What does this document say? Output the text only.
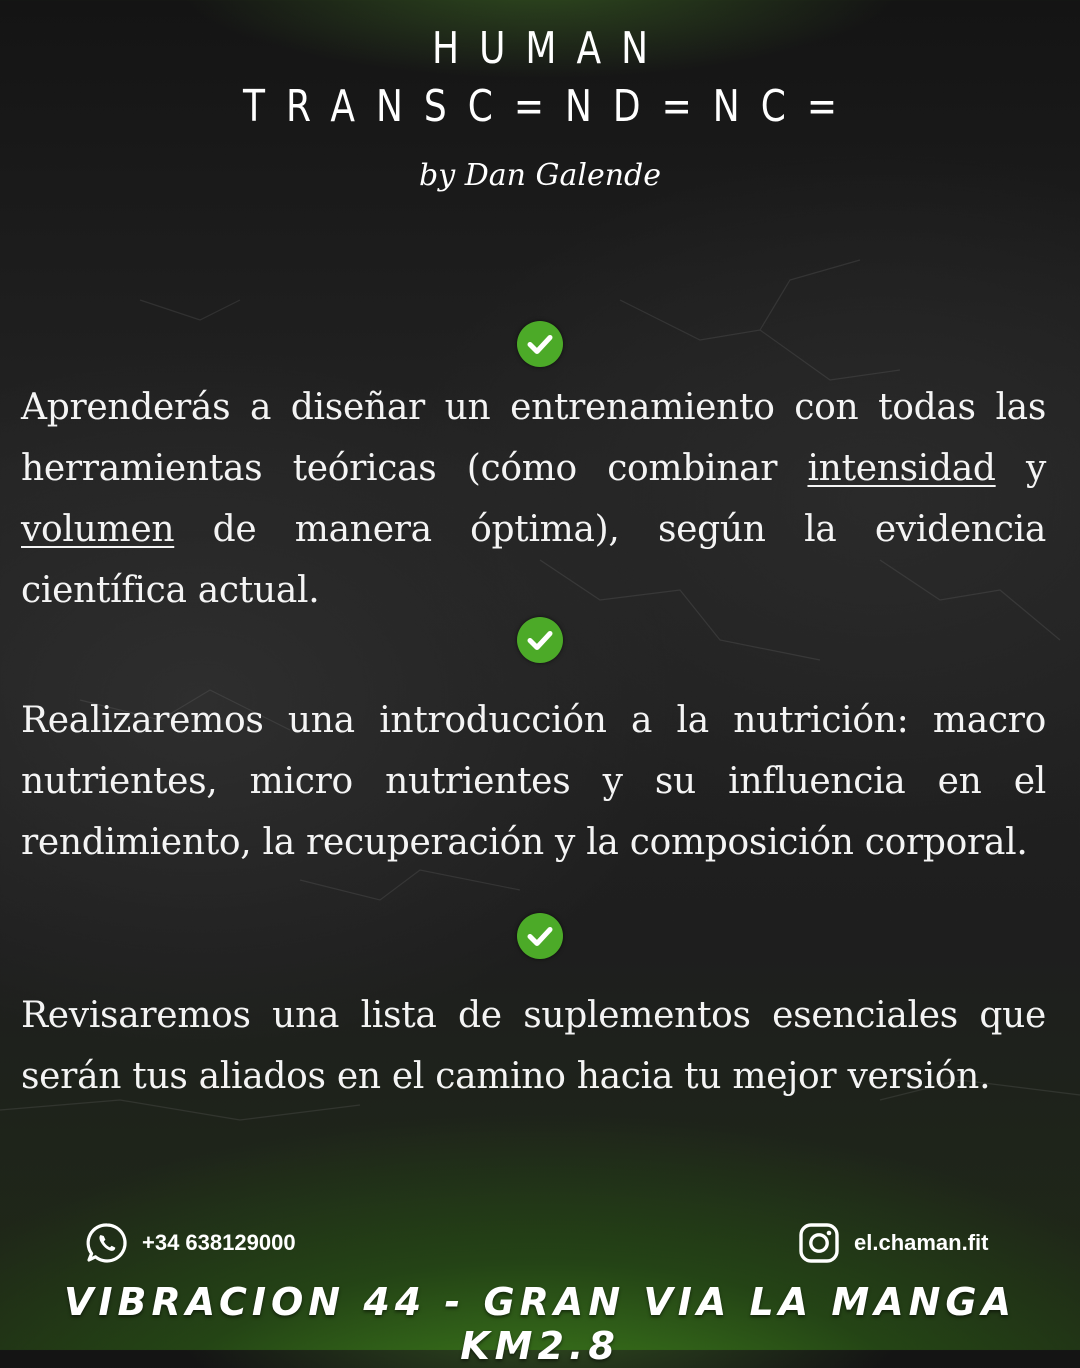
HUMAN
TRANSC=ND=NC=
by Dan Galende

Aprenderás a diseñar un entrenamiento con todas las herramientas teóricas (cómo combinar intensidad y volumen de manera óptima), según la evidencia científica actual.

Realizaremos una introducción a la nutrición: macro nutrientes, micro nutrientes y su influencia en el rendimiento, la recuperación y la composición corporal.

Revisaremos una lista de suplementos esenciales que serán tus aliados en el camino hacia tu mejor versión.

+34 638129000	el.chaman.fit
VIBRACION 44 - GRAN VIA LA MANGA KM2.8
